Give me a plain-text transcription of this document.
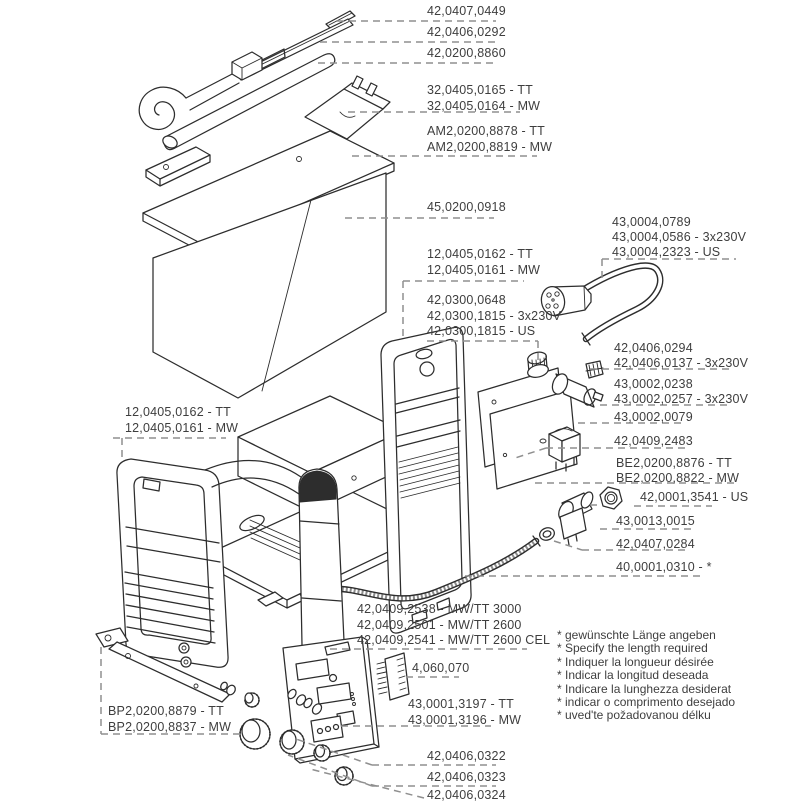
42,0407,0449
42,0406,0292
42,0200,8860
32,0405,0165 - TT
32,0405,0164 - MW
AM2,0200,8878 - TT
AM2,0200,8819 - MW
45,0200,0918
12,0405,0162 - TT
12,0405,0161 - MW
42,0300,0648
42,0300,1815 - 3x230V
42,0300,1815 - US
43,0004,0789
43,0004,0586 - 3x230V
43,0004,2323 - US
42,0406,0294
42,0406,0137 - 3x230V
43,0002,0238
43,0002,0257 - 3x230V
43,0002,0079
42,0409,2483
BE2,0200,8876 - TT
BE2,0200,8822 - MW
42,0001,3541 - US
43,0013,0015
42,0407,0284
40,0001,0310 - *
12,0405,0162 - TT
12,0405,0161 - MW
42,0409,2538 - MW/TT 3000
42,0409,2501 - MW/TT 2600
42,0409,2541 - MW/TT 2600 CEL
4,060,070
43,0001,3197 - TT
43,0001,3196 - MW
BP2,0200,8879 - TT
BP2,0200,8837 - MW
42,0406,0322
42,0406,0323
42,0406,0324
* gewünschte Länge angeben
* Specify the length required
* Indiquer la longueur désirée
* Indicar la longitud deseada
* Indicare la lunghezza desiderat
* indicar o comprimento desejado
* uved'te požadovanou délku
